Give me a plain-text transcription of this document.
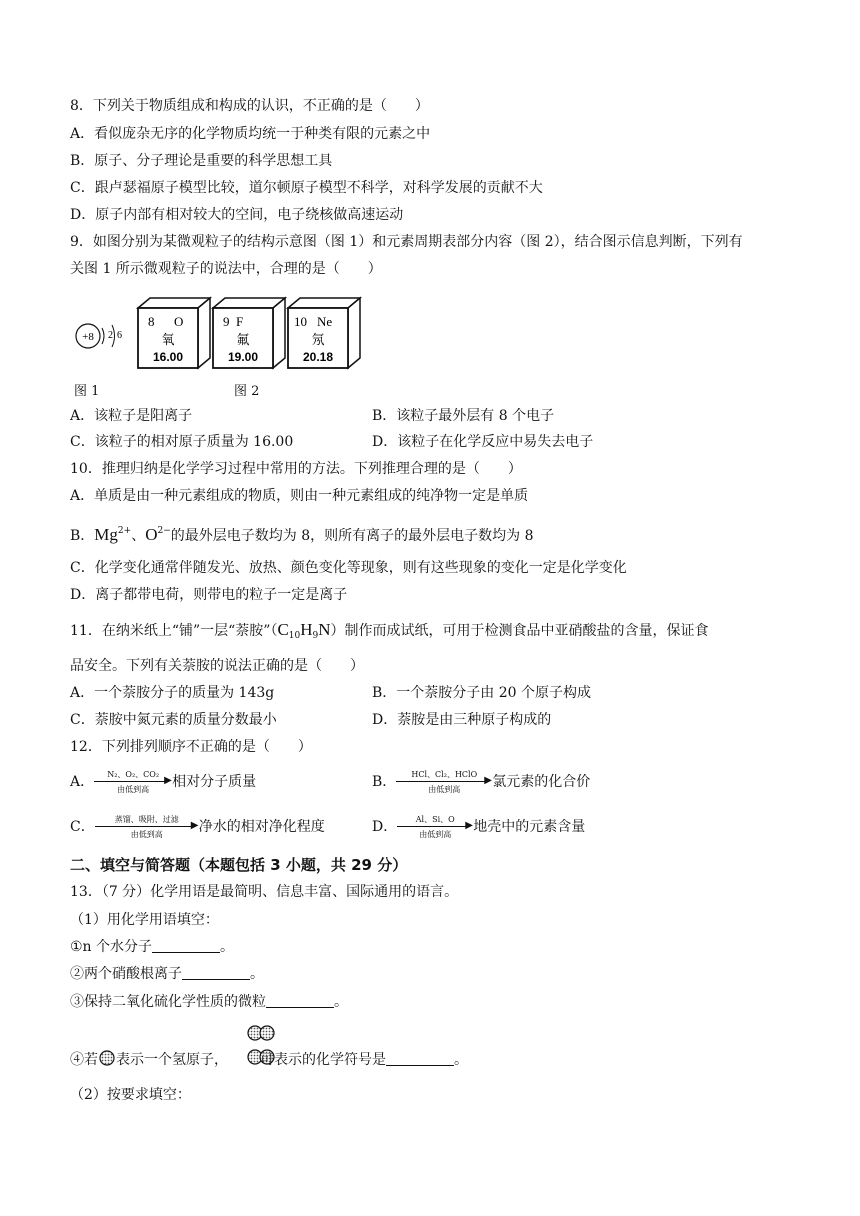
8．下列关于物质组成和构成的认识，不正确的是（　　）
A．看似庞杂无序的化学物质均统一于种类有限的元素之中
B．原子、分子理论是重要的科学思想工具
C．跟卢瑟福原子模型比较，道尔顿原子模型不科学，对科学发展的贡献不大
D．原子内部有相对较大的空间，电子绕核做高速运动
9．如图分别为某微观粒子的结构示意图（图 1）和元素周期表部分内容（图 2），结合图示信息判断，下列有
关图 1 所示微观粒子的说法中，合理的是（　　）
+8 2 6
8 O
氧
16.00
9 F
氟
19.00
10 Ne
氖
20.18
图 1	图 2
A．该粒子是阳离子	B．该粒子最外层有 8 个电子
C．该粒子的相对原子质量为 16.00	D．该粒子在化学反应中易失去电子
10．推理归纳是化学学习过程中常用的方法。下列推理合理的是（　　）
A．单质是由一种元素组成的物质，则由一种元素组成的纯净物一定是单质
B．$Mg^{2+}$、$O^{2-}$的最外层电子数均为 8，则所有离子的最外层电子数均为 8
C．化学变化通常伴随发光、放热、颜色变化等现象，则有这些现象的变化一定是化学变化
D．离子都带电荷，则带电的粒子一定是离子
11．在纳米纸上“铺”一层“萘胺$”(C_{10}H_9N)$制作而成试纸，可用于检测食品中亚硝酸盐的含量，保证食
品安全。下列有关萘胺的说法正确的是（　　）
A．一个萘胺分子的质量为 143g	B．一个萘胺分子由 20 个原子构成
C．萘胺中氮元素的质量分数最小	D．萘胺是由三种原子构成的
12．下列排列顺序不正确的是（　　）
A．	N₂、O₂、CO₂
▶
由低到高	相对分子质量	B．	HCl、Cl₂、HClO
▶
由低到高	氯元素的化合价
C．	蒸馏、吸附、过滤
▶
由低到高	净水的相对净化程度	D．	Al、Si、O
▶
由低到高	地壳中的元素含量
二、填空与简答题（本题包括 3 小题，共 29 分）
13．（7 分）化学用语是最简明、信息丰富、国际通用的语言。
（1）用化学用语填空：
①n 个水分子	。
②两个硝酸根离子	。
③保持二氧化硫化学性质的微粒	。
④若 表示一个氢原子， 可表示的化学符号是	。
（2）按要求填空：
